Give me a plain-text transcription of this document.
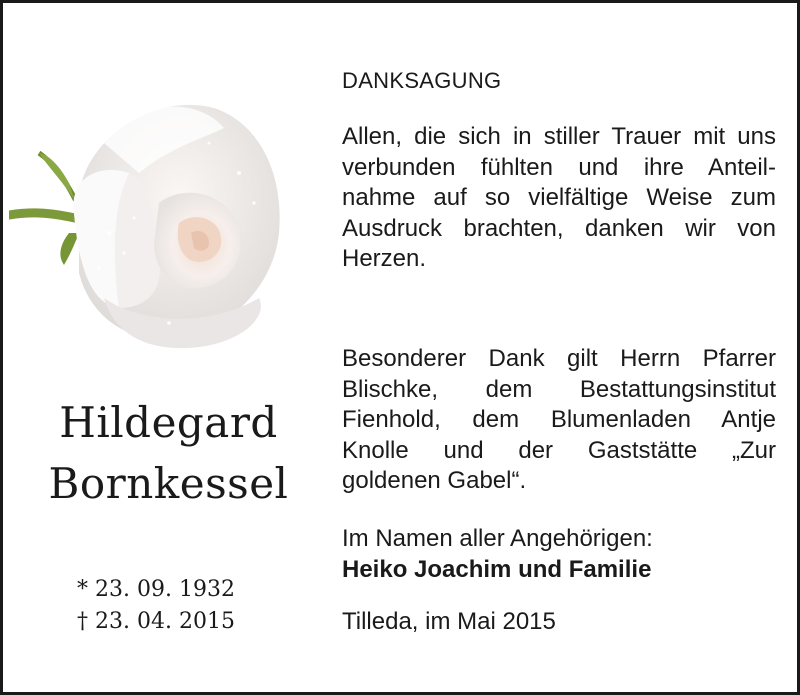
Hildegard
Bornkessel
* 23. 09. 1932
† 23. 04. 2015
DANKSAGUNG
Allen, die sich in stiller Trauer mit uns
verbunden fühlten und ihre Anteil-
nahme auf so vielfältige Weise zum
Ausdruck brachten, danken wir von
Herzen.
Besonderer Dank gilt Herrn Pfarrer
Blischke, dem Bestattungsinstitut
Fienhold, dem Blumenladen Antje
Knolle und der Gaststätte „Zur
goldenen Gabel“.
Im Namen aller Angehörigen:
Heiko Joachim und Familie
Tilleda, im Mai 2015
